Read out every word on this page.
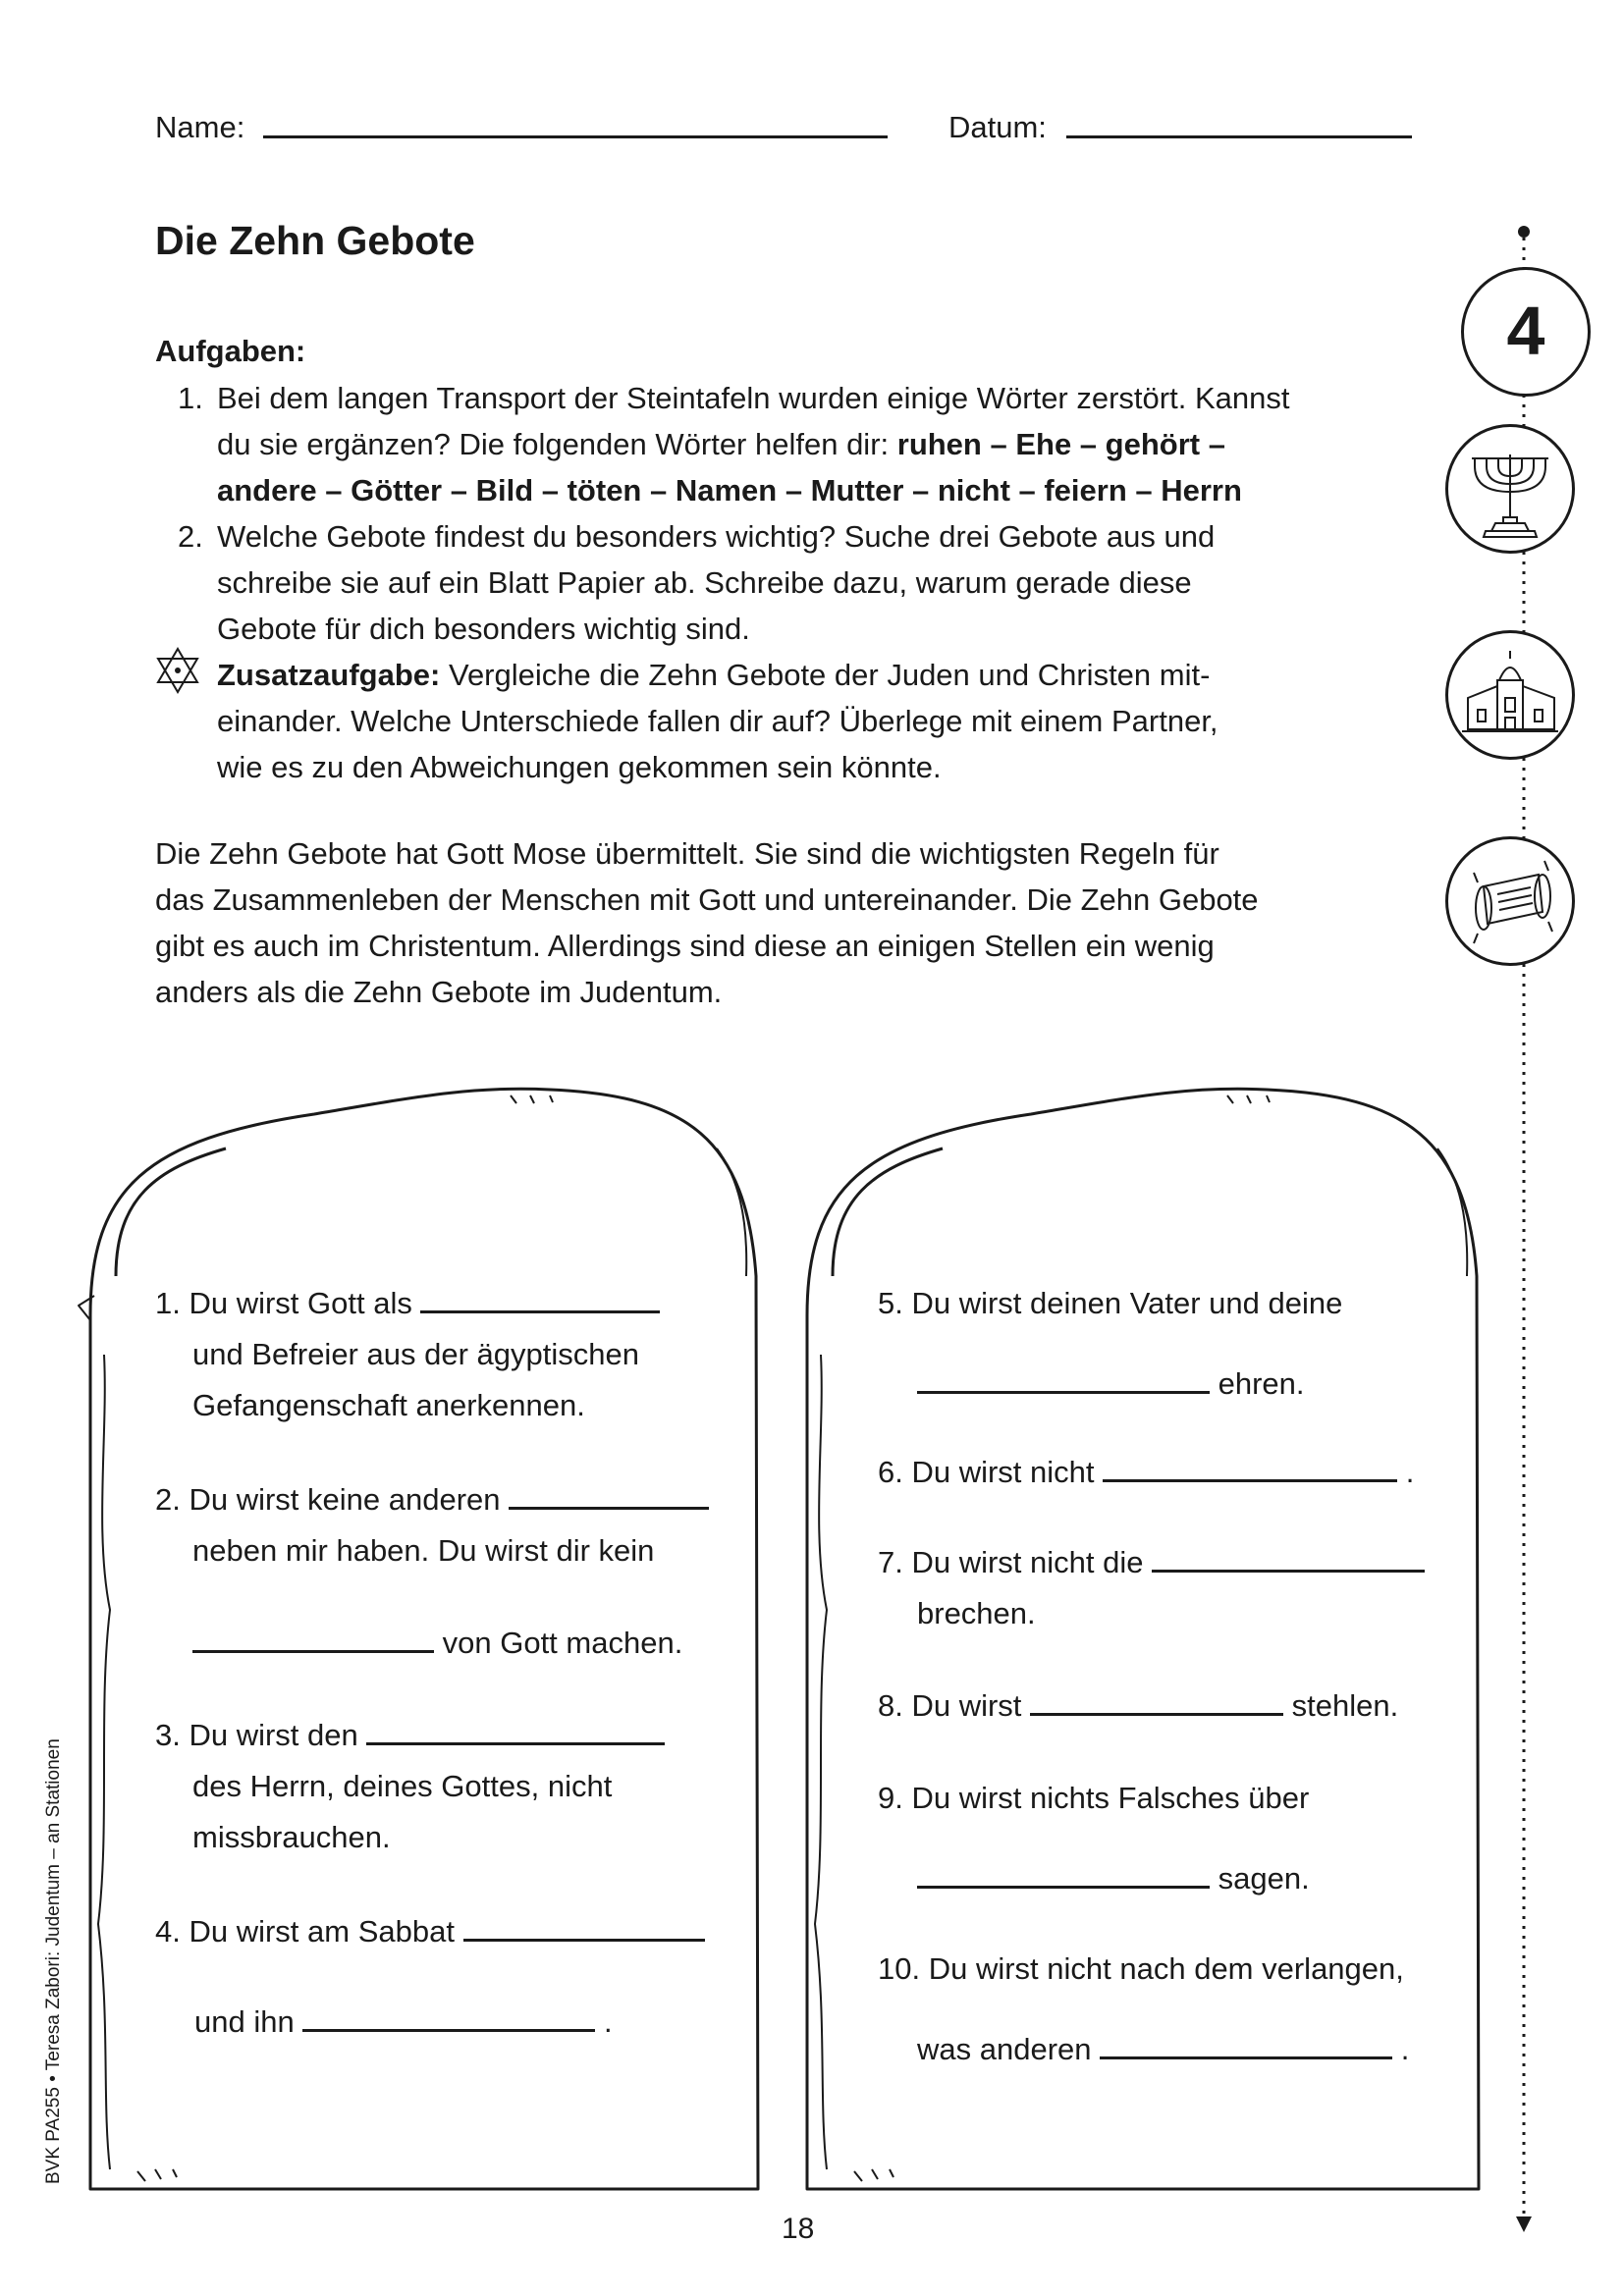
Name:	Datum:
Die Zehn Gebote
4
Aufgaben:
1. Bei dem langen Transport der Steintafeln wurden einige Wörter zerstört. Kannst
du sie ergänzen? Die folgenden Wörter helfen dir: ruhen – Ehe – gehört –
andere – Götter – Bild – töten – Namen – Mutter – nicht – feiern – Herrn
2. Welche Gebote findest du besonders wichtig? Suche drei Gebote aus und
schreibe sie auf ein Blatt Papier ab. Schreibe dazu, warum gerade diese
Gebote für dich besonders wichtig sind.
Zusatzaufgabe: Vergleiche die Zehn Gebote der Juden und Christen mit-
einander. Welche Unterschiede fallen dir auf? Überlege mit einem Partner,
wie es zu den Abweichungen gekommen sein könnte.
Die Zehn Gebote hat Gott Mose übermittelt. Sie sind die wichtigsten Regeln für
das Zusammenleben der Menschen mit Gott und untereinander. Die Zehn Gebote
gibt es auch im Christentum. Allerdings sind diese an einigen Stellen ein wenig
anders als die Zehn Gebote im Judentum.
1. Du wirst Gott als
und Befreier aus der ägyptischen
Gefangenschaft anerkennen.
2. Du wirst keine anderen
neben mir haben. Du wirst dir kein
von Gott machen.
3. Du wirst den
des Herrn, deines Gottes, nicht
missbrauchen.
4. Du wirst am Sabbat
und ihn	.
5. Du wirst deinen Vater und deine
ehren.
6. Du wirst nicht	.
7. Du wirst nicht die
brechen.
8. Du wirst	stehlen.
9. Du wirst nichts Falsches über
sagen.
10. Du wirst nicht nach dem verlangen,
was anderen	.
BVK PA255 • Teresa Zabori: Judentum – an Stationen
18
